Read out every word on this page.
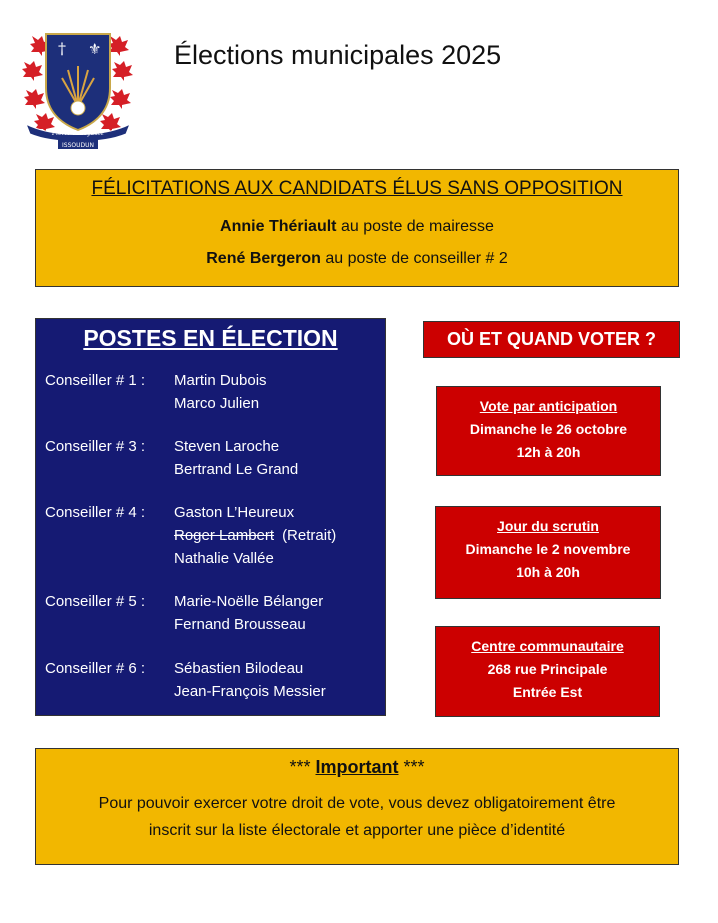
† ⚜
Fierté & Loyauté
ISSOUDUN
Élections municipales 2025
FÉLICITATIONS AUX CANDIDATS ÉLUS SANS OPPOSITION
Annie Thériault au poste de mairesse
René Bergeron au poste de conseiller # 2
POSTES EN ÉLECTION
Conseiller # 1 : Martin Dubois
Marco Julien
Conseiller # 3 : Steven Laroche
Bertrand Le Grand
Conseiller # 4 : Gaston L’Heureux
Roger Lambert (Retrait)
Nathalie Vallée
Conseiller # 5 : Marie-Noëlle Bélanger
Fernand Brousseau
Conseiller # 6 : Sébastien Bilodeau
Jean-François Messier
OÙ ET QUAND VOTER ?
Vote par anticipation
Dimanche le 26 octobre
12h à 20h
Jour du scrutin
Dimanche le 2 novembre
10h à 20h
Centre communautaire
268 rue Principale
Entrée Est
*** Important ***
Pour pouvoir exercer votre droit de vote, vous devez obligatoirement être
inscrit sur la liste électorale et apporter une pièce d’identité
